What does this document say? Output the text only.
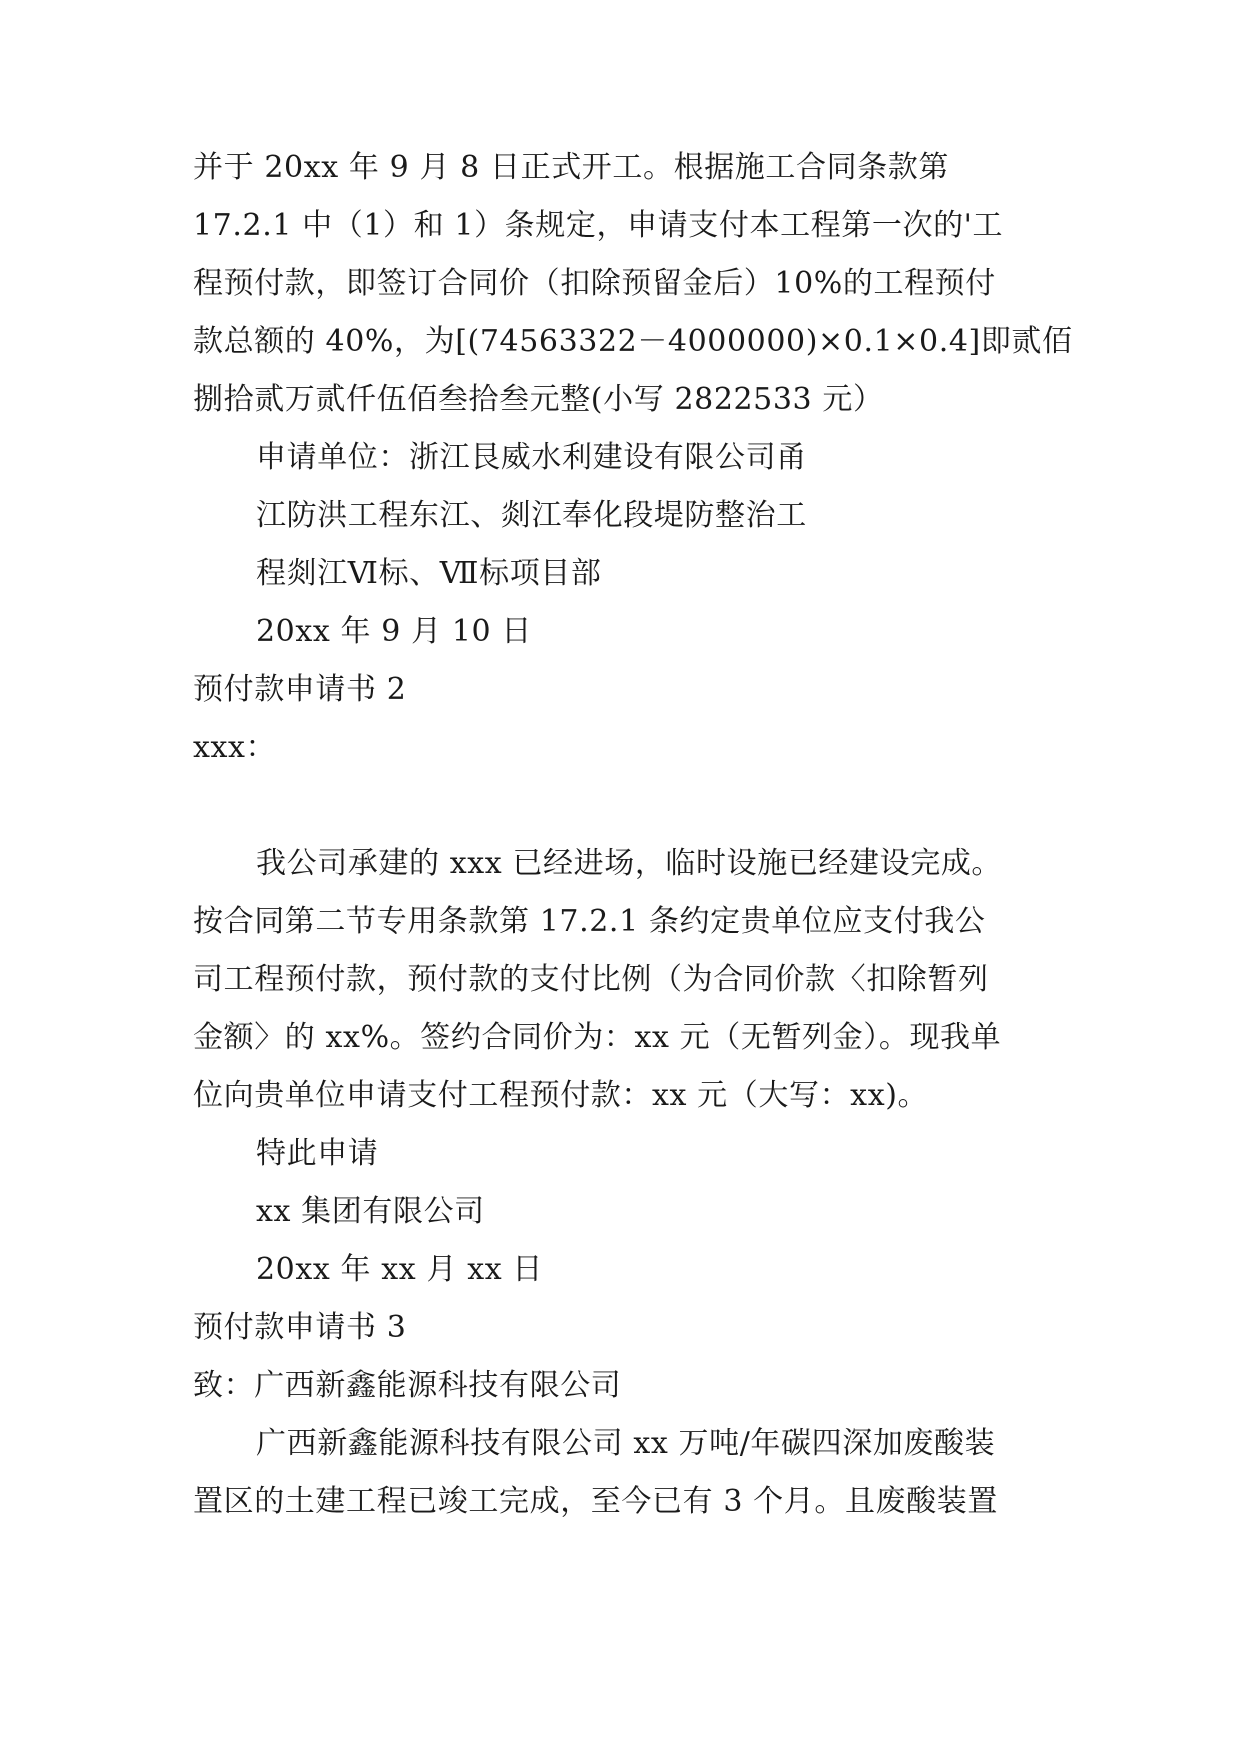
并于 20xx 年 9 月 8 日正式开工。根据施工合同条款第
17.2.1 中（1）和 1）条规定，申请支付本工程第一次的'工
程预付款，即签订合同价（扣除预留金后）10%的工程预付
款总额的 40%，为[(74563322－4000000)×0.1×0.4]即贰佰
捌拾贰万贰仟伍佰叁拾叁元整(小写 2822533 元）
申请单位：浙江艮威水利建设有限公司甬
江防洪工程东江、剡江奉化段堤防整治工
程剡江Ⅵ标、Ⅶ标项目部
20xx 年 9 月 10 日
预付款申请书 2
xxx：
我公司承建的 xxx 已经进场，临时设施已经建设完成。
按合同第二节专用条款第 17.2.1 条约定贵单位应支付我公
司工程预付款，预付款的支付比例（为合同价款〈扣除暂列
金额〉的 xx%。签约合同价为：xx 元（无暂列金）。现我单
位向贵单位申请支付工程预付款：xx 元（大写：xx)。
特此申请
xx 集团有限公司
20xx 年 xx 月 xx 日
预付款申请书 3
致：广西新鑫能源科技有限公司
广西新鑫能源科技有限公司 xx 万吨/年碳四深加废酸装
置区的土建工程已竣工完成，至今已有 3 个月。且废酸装置
